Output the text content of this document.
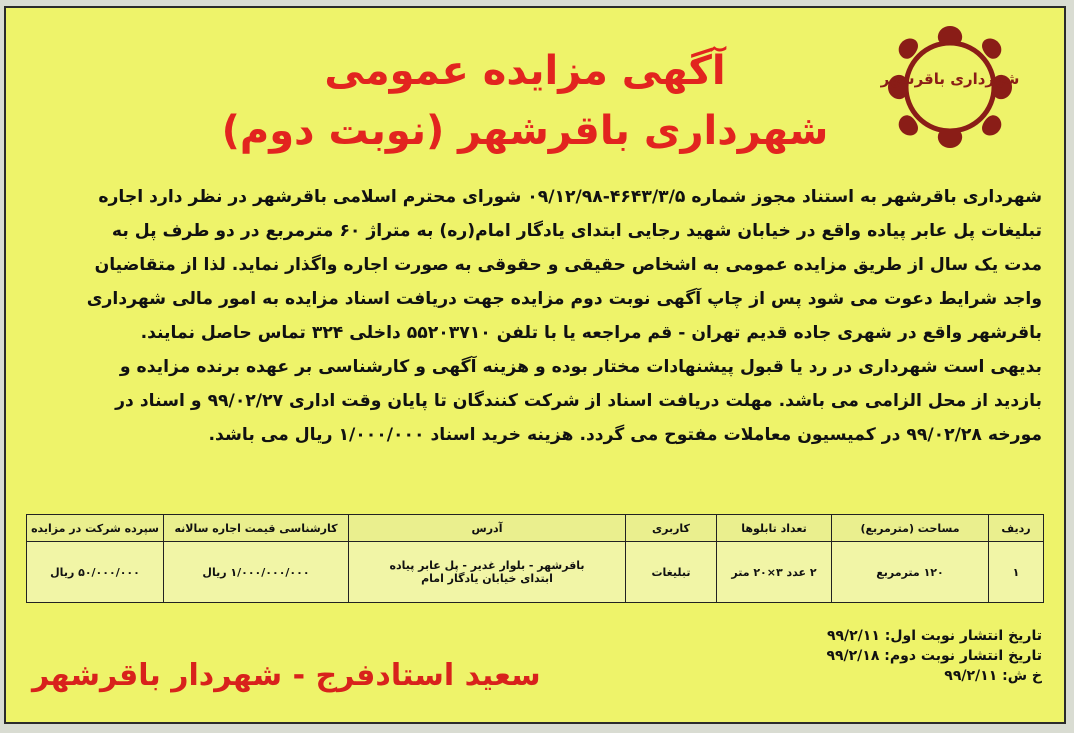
شهرداری باقرشهر
آگهی مزایده عمومی
شهرداری باقرشهر (نوبت دوم)

شهرداری باقرشهر به استناد مجوز شماره ۴۶۴۳/۳/۵-۰۹/۱۲/۹۸ شورای محترم اسلامی باقرشهر در نظر دارد اجاره
تبلیغات پل عابر پیاده واقع در خیابان شهید رجایی ابتدای یادگار امام(ره) به متراژ ۶۰ مترمربع در دو طرف پل به
مدت یک سال از طریق مزایده عمومی به اشخاص حقیقی و حقوقی به صورت اجاره واگذار نماید. لذا از متقاضیان
واجد شرایط دعوت می شود پس از چاپ آگهی نوبت دوم مزایده جهت دریافت اسناد مزایده به امور مالی شهرداری
باقرشهر واقع در شهری جاده قدیم تهران - قم مراجعه یا با تلفن ۵۵۲۰۳۷۱۰ داخلی ۳۲۴ تماس حاصل نمایند.
بدیهی است شهرداری در رد یا قبول پیشنهادات مختار بوده و هزینه آگهی و کارشناسی بر عهده برنده مزایده و
بازدید از محل الزامی می باشد. مهلت دریافت اسناد از شرکت کنندگان تا پایان وقت اداری ۹۹/۰۲/۲۷ و اسناد در
مورخه ۹۹/۰۲/۲۸ در کمیسیون معاملات مفتوح می گردد. هزینه خرید اسناد ۱/۰۰۰/۰۰۰ ریال می باشد.

ردیف	مساحت (مترمربع)	تعداد تابلوها	کاربری	آدرس	کارشناسی قیمت اجاره سالانه	سپرده شرکت در مزایده
۱	۱۲۰ مترمربع	۲ عدد ۳×۲۰ متر	تبلیغات	باقرشهر - بلوار غدیر - پل عابر پیاده
ابتدای خیابان یادگار امام	۱/۰۰۰/۰۰۰/۰۰۰ ریال	۵۰/۰۰۰/۰۰۰ ریال
تاریخ انتشار نوبت اول: ۹۹/۲/۱۱
تاریخ انتشار نوبت دوم: ۹۹/۲/۱۸
خ ش: ۹۹/۲/۱۱
سعید استادفرج - شهردار باقرشهر
